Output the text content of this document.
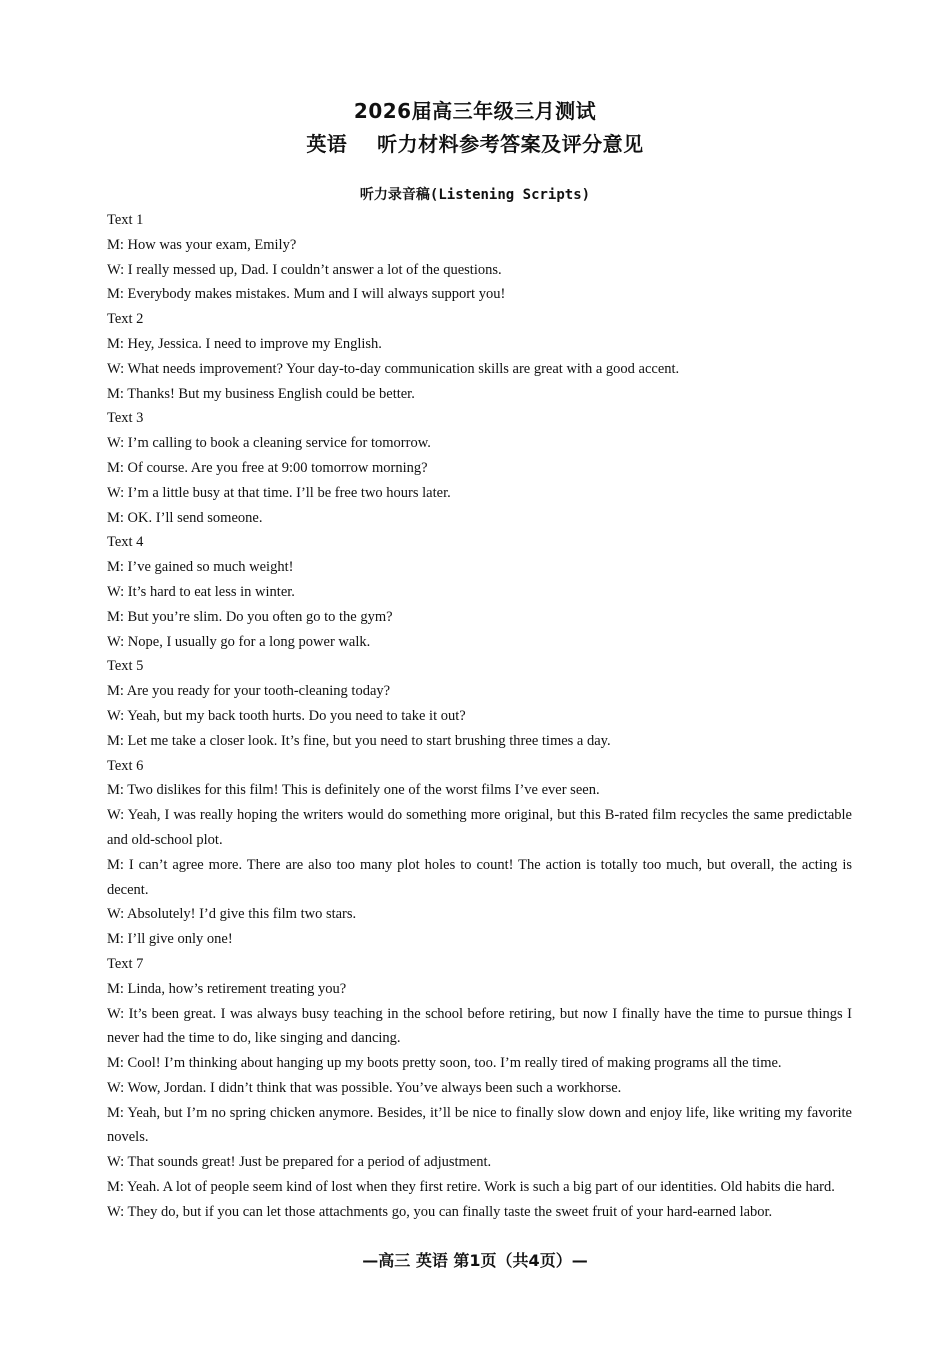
2026届高三年级三月测试
英语    听力材料参考答案及评分意见
听力录音稿(Listening Scripts)

Text 1

M: How was your exam, Emily?

W: I really messed up, Dad. I couldn’t answer a lot of the questions.

M: Everybody makes mistakes. Mum and I will always support you!

Text 2

M: Hey, Jessica. I need to improve my English.

W: What needs improvement? Your day-to-day communication skills are great with a good accent.

M: Thanks! But my business English could be better.

Text 3

W: I’m calling to book a cleaning service for tomorrow.

M: Of course. Are you free at 9:00 tomorrow morning?

W: I’m a little busy at that time. I’ll be free two hours later.

M: OK. I’ll send someone.

Text 4

M: I’ve gained so much weight!

W: It’s hard to eat less in winter.

M: But you’re slim. Do you often go to the gym?

W: Nope, I usually go for a long power walk.

Text 5

M: Are you ready for your tooth-cleaning today?

W: Yeah, but my back tooth hurts. Do you need to take it out?

M: Let me take a closer look. It’s fine, but you need to start brushing three times a day.

Text 6

M: Two dislikes for this film! This is definitely one of the worst films I’ve ever seen.

W: Yeah, I was really hoping the writers would do something more original, but this B-rated film recycles the same predictable and old-school plot.

M: I can’t agree more. There are also too many plot holes to count! The action is totally too much, but overall, the acting is decent.

W: Absolutely! I’d give this film two stars.

M: I’ll give only one!

Text 7

M: Linda, how’s retirement treating you?

W: It’s been great. I was always busy teaching in the school before retiring, but now I finally have the time to pursue things I never had the time to do, like singing and dancing.

M: Cool! I’m thinking about hanging up my boots pretty soon, too. I’m really tired of making programs all the time.

W: Wow, Jordan. I didn’t think that was possible. You’ve always been such a workhorse.

M: Yeah, but I’m no spring chicken anymore. Besides, it’ll be nice to finally slow down and enjoy life, like writing my favorite novels.

W: That sounds great! Just be prepared for a period of adjustment.

M: Yeah. A lot of people seem kind of lost when they first retire. Work is such a big part of our identities. Old habits die hard.

W: They do, but if you can let those attachments go, you can finally taste the sweet fruit of your hard-earned labor.

—高三 英语 第1页（共4页）—
